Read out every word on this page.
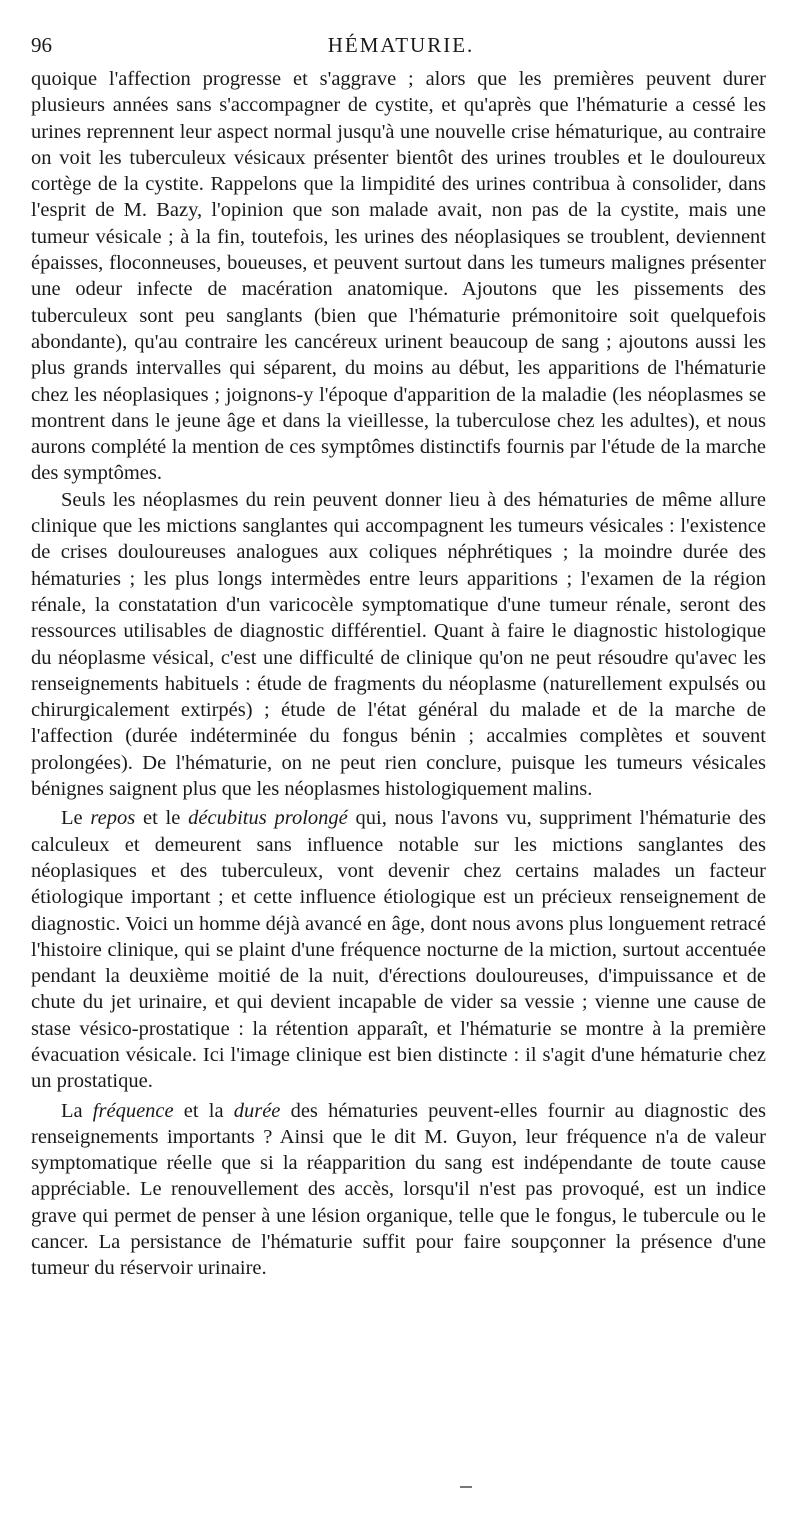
96	HÉMATURIE.

quoique l'affection progresse et s'aggrave ; alors que les premières peuvent durer plusieurs années sans s'accompagner de cystite, et qu'après que l'hématurie a cessé les urines reprennent leur aspect normal jusqu'à une nouvelle crise hématurique, au contraire on voit les tuberculeux vésicaux présenter bientôt des urines troubles et le douloureux cortège de la cystite. Rappelons que la limpidité des urines contribua à consolider, dans l'esprit de M. Bazy, l'opinion que son malade avait, non pas de la cystite, mais une tumeur vésicale ; à la fin, toutefois, les urines des néoplasiques se troublent, deviennent épaisses, floconneuses, boueuses, et peuvent surtout dans les tumeurs malignes présenter une odeur infecte de macération anatomique. Ajoutons que les pissements des tuberculeux sont peu sanglants (bien que l'hématurie prémonitoire soit quelquefois abondante), qu'au contraire les cancéreux urinent beaucoup de sang ; ajoutons aussi les plus grands intervalles qui séparent, du moins au début, les apparitions de l'hématurie chez les néoplasiques ; joignons-y l'époque d'apparition de la maladie (les néoplasmes se montrent dans le jeune âge et dans la vieillesse, la tuberculose chez les adultes), et nous aurons complété la mention de ces symptômes distinctifs fournis par l'étude de la marche des symptômes.

Seuls les néoplasmes du rein peuvent donner lieu à des hématuries de même allure clinique que les mictions sanglantes qui accompagnent les tumeurs vésicales : l'existence de crises douloureuses analogues aux coliques néphrétiques ; la moindre durée des hématuries ; les plus longs intermèdes entre leurs apparitions ; l'examen de la région rénale, la constatation d'un varicocèle symptomatique d'une tumeur rénale, seront des ressources utilisables de diagnostic différentiel. Quant à faire le diagnostic histologique du néoplasme vésical, c'est une difficulté de clinique qu'on ne peut résoudre qu'avec les renseignements habituels : étude de fragments du néoplasme (naturellement expulsés ou chirurgicalement extirpés) ; étude de l'état général du malade et de la marche de l'affection (durée indéterminée du fongus bénin ; accalmies complètes et souvent prolongées). De l'hématurie, on ne peut rien conclure, puisque les tumeurs vésicales bénignes saignent plus que les néoplasmes histologiquement malins.

Le repos et le décubitus prolongé qui, nous l'avons vu, suppriment l'hématurie des calculeux et demeurent sans influence notable sur les mictions sanglantes des néoplasiques et des tuberculeux, vont devenir chez certains malades un facteur étiologique important ; et cette influence étiologique est un précieux renseignement de diagnostic. Voici un homme déjà avancé en âge, dont nous avons plus longuement retracé l'histoire clinique, qui se plaint d'une fréquence nocturne de la miction, surtout accentuée pendant la deuxième moitié de la nuit, d'érections douloureuses, d'impuissance et de chute du jet urinaire, et qui devient incapable de vider sa vessie ; vienne une cause de stase vésico-prostatique : la rétention apparaît, et l'hématurie se montre à la première évacuation vésicale. Ici l'image clinique est bien distincte : il s'agit d'une hématurie chez un prostatique.

La fréquence et la durée des hématuries peuvent-elles fournir au diagnostic des renseignements importants ? Ainsi que le dit M. Guyon, leur fréquence n'a de valeur symptomatique réelle que si la réapparition du sang est indépendante de toute cause appréciable. Le renouvellement des accès, lorsqu'il n'est pas provoqué, est un indice grave qui permet de penser à une lésion organique, telle que le fongus, le tubercule ou le cancer. La persistance de l'hématurie suffit pour faire soupçonner la présence d'une tumeur du réservoir urinaire.
